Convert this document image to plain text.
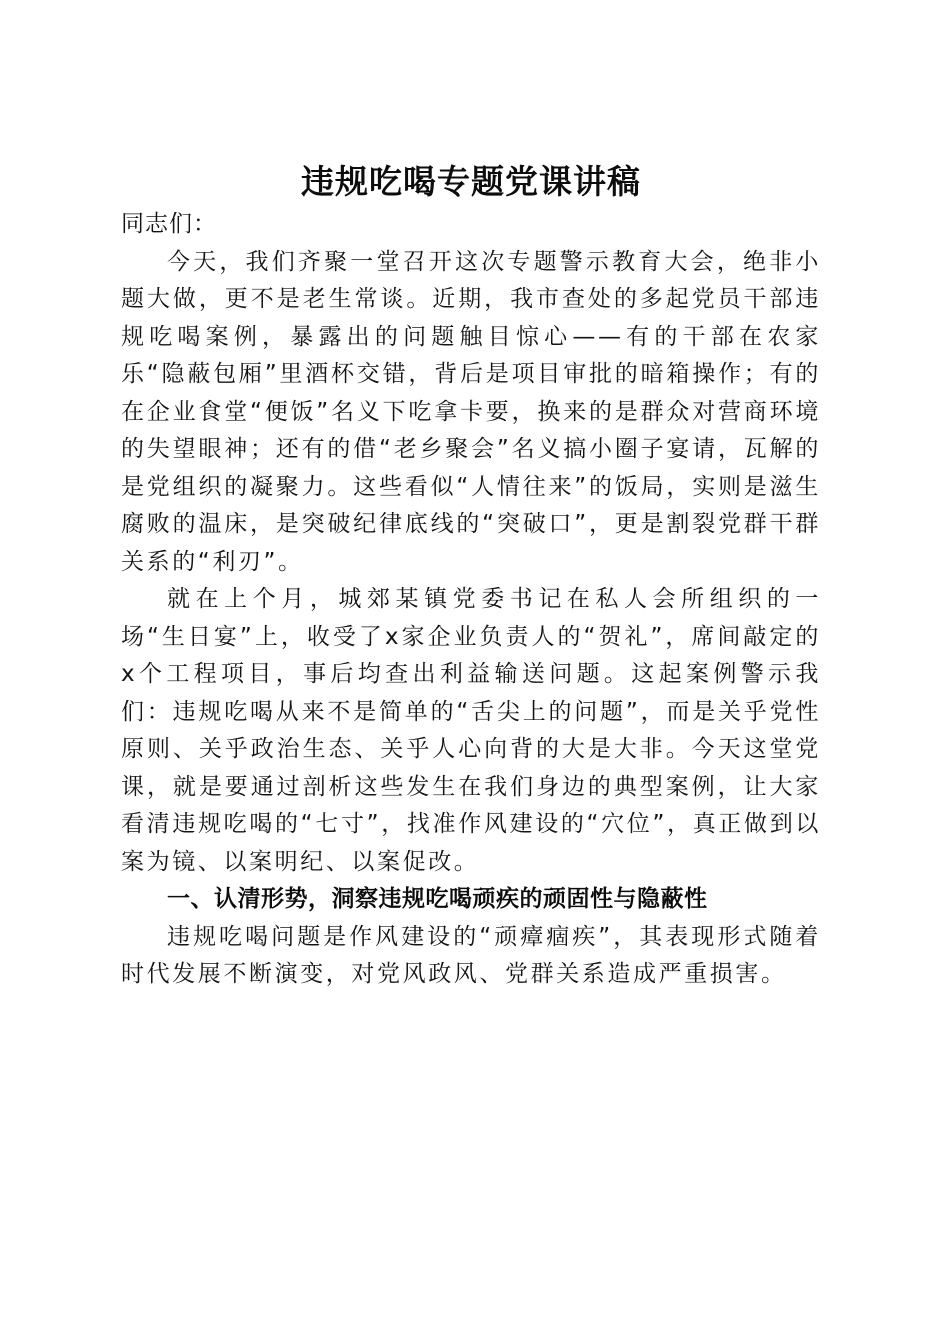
违规吃喝专题党课讲稿

同志们：

今天，我们齐聚一堂召开这次专题警示教育大会，绝非小题大做，更不是老生常谈。近期，我市查处的多起党员干部违规吃喝案例，暴露出的问题触目惊心——有的干部在农家乐“隐蔽包厢”里酒杯交错，背后是项目审批的暗箱操作；有的在企业食堂“便饭”名义下吃拿卡要，换来的是群众对营商环境的失望眼神；还有的借“老乡聚会”名义搞小圈子宴请，瓦解的是党组织的凝聚力。这些看似“人情往来”的饭局，实则是滋生腐败的温床，是突破纪律底线的“突破口”，更是割裂党群干群关系的“利刃”。

就在上个月，城郊某镇党委书记在私人会所组织的一场“生日宴”上，收受了x家企业负责人的“贺礼”，席间敲定的x个工程项目，事后均查出利益输送问题。这起案例警示我们：违规吃喝从来不是简单的“舌尖上的问题”，而是关乎党性原则、关乎政治生态、关乎人心向背的大是大非。今天这堂党课，就是要通过剖析这些发生在我们身边的典型案例，让大家看清违规吃喝的“七寸”，找准作风建设的“穴位”，真正做到以案为镜、以案明纪、以案促改。

一、认清形势，洞察违规吃喝顽疾的顽固性与隐蔽性

违规吃喝问题是作风建设的“顽瘴痼疾”，其表现形式随着时代发展不断演变，对党风政风、党群关系造成严重损害。
